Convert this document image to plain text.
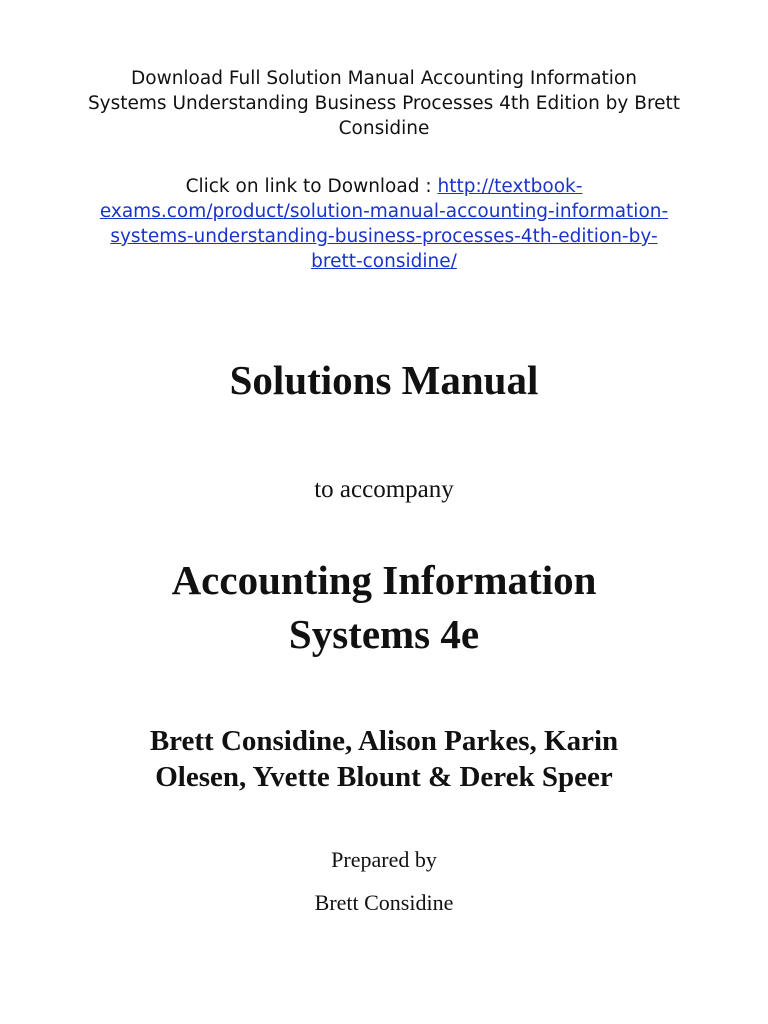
Download Full Solution Manual Accounting Information
Systems Understanding Business Processes 4th Edition by Brett
Considine
Click on link to Download : http://textbook-
exams.com/product/solution-manual-accounting-information-
systems-understanding-business-processes-4th-edition-by-
brett-considine/
Solutions Manual
to accompany
Accounting Information
Systems 4e
Brett Considine, Alison Parkes, Karin
Olesen, Yvette Blount & Derek Speer
Prepared by
Brett Considine
